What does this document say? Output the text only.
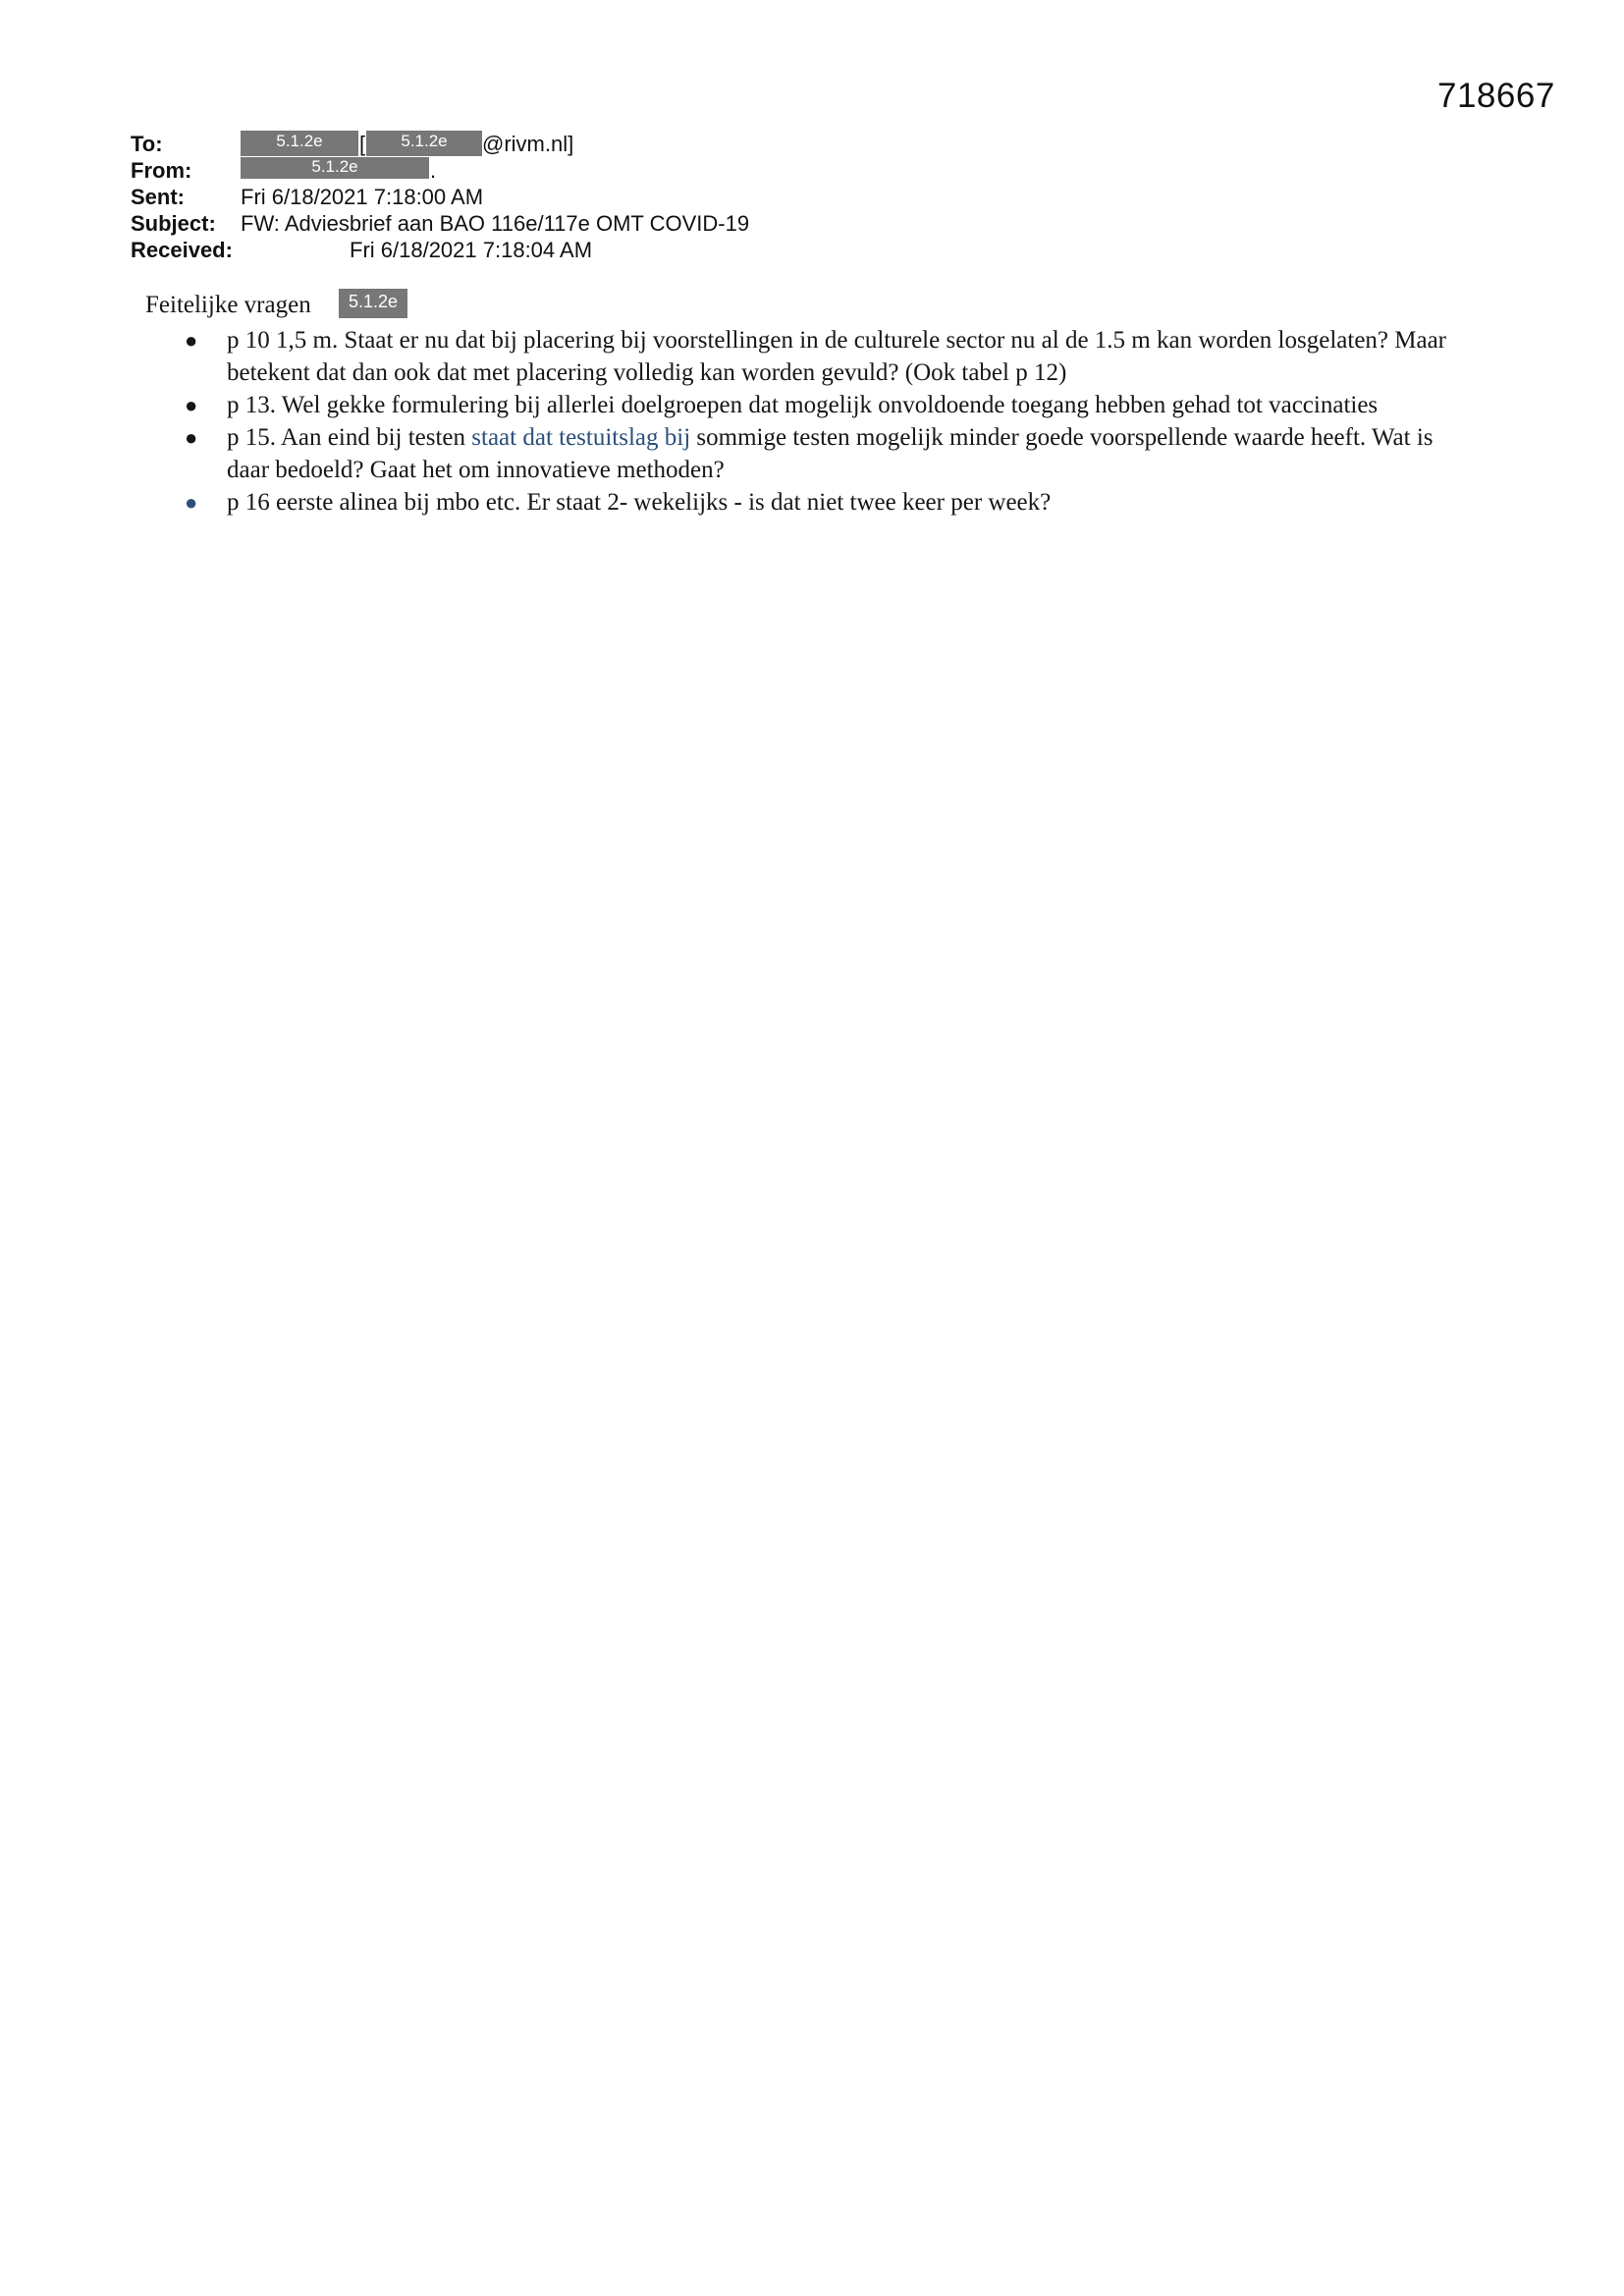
718667
To:	5.1.2e	[	5.1.2e	@rivm.nl]
From:	5.1.2e	.
Sent:	Fri 6/18/2021 7:18:00 AM
Subject: FW: Adviesbrief aan BAO 116e/117e OMT COVID-19
Received:	Fri 6/18/2021 7:18:04 AM
Feitelijke vragen	5.1.2e
● p 10 1,5 m. Staat er nu dat bij placering bij voorstellingen in de culturele sector nu al de 1.5 m kan worden losgelaten? Maar betekent dat dan ook dat met placering volledig kan worden gevuld? (Ook tabel p 12)
● p 13. Wel gekke formulering bij allerlei doelgroepen dat mogelijk onvoldoende toegang hebben gehad tot vaccinaties
● p 15. Aan eind bij testen staat dat testuitslag bij sommige testen mogelijk minder goede voorspellende waarde heeft. Wat is daar bedoeld? Gaat het om innovatieve methoden?
● p 16 eerste alinea bij mbo etc. Er staat 2- wekelijks - is dat niet twee keer per week?
